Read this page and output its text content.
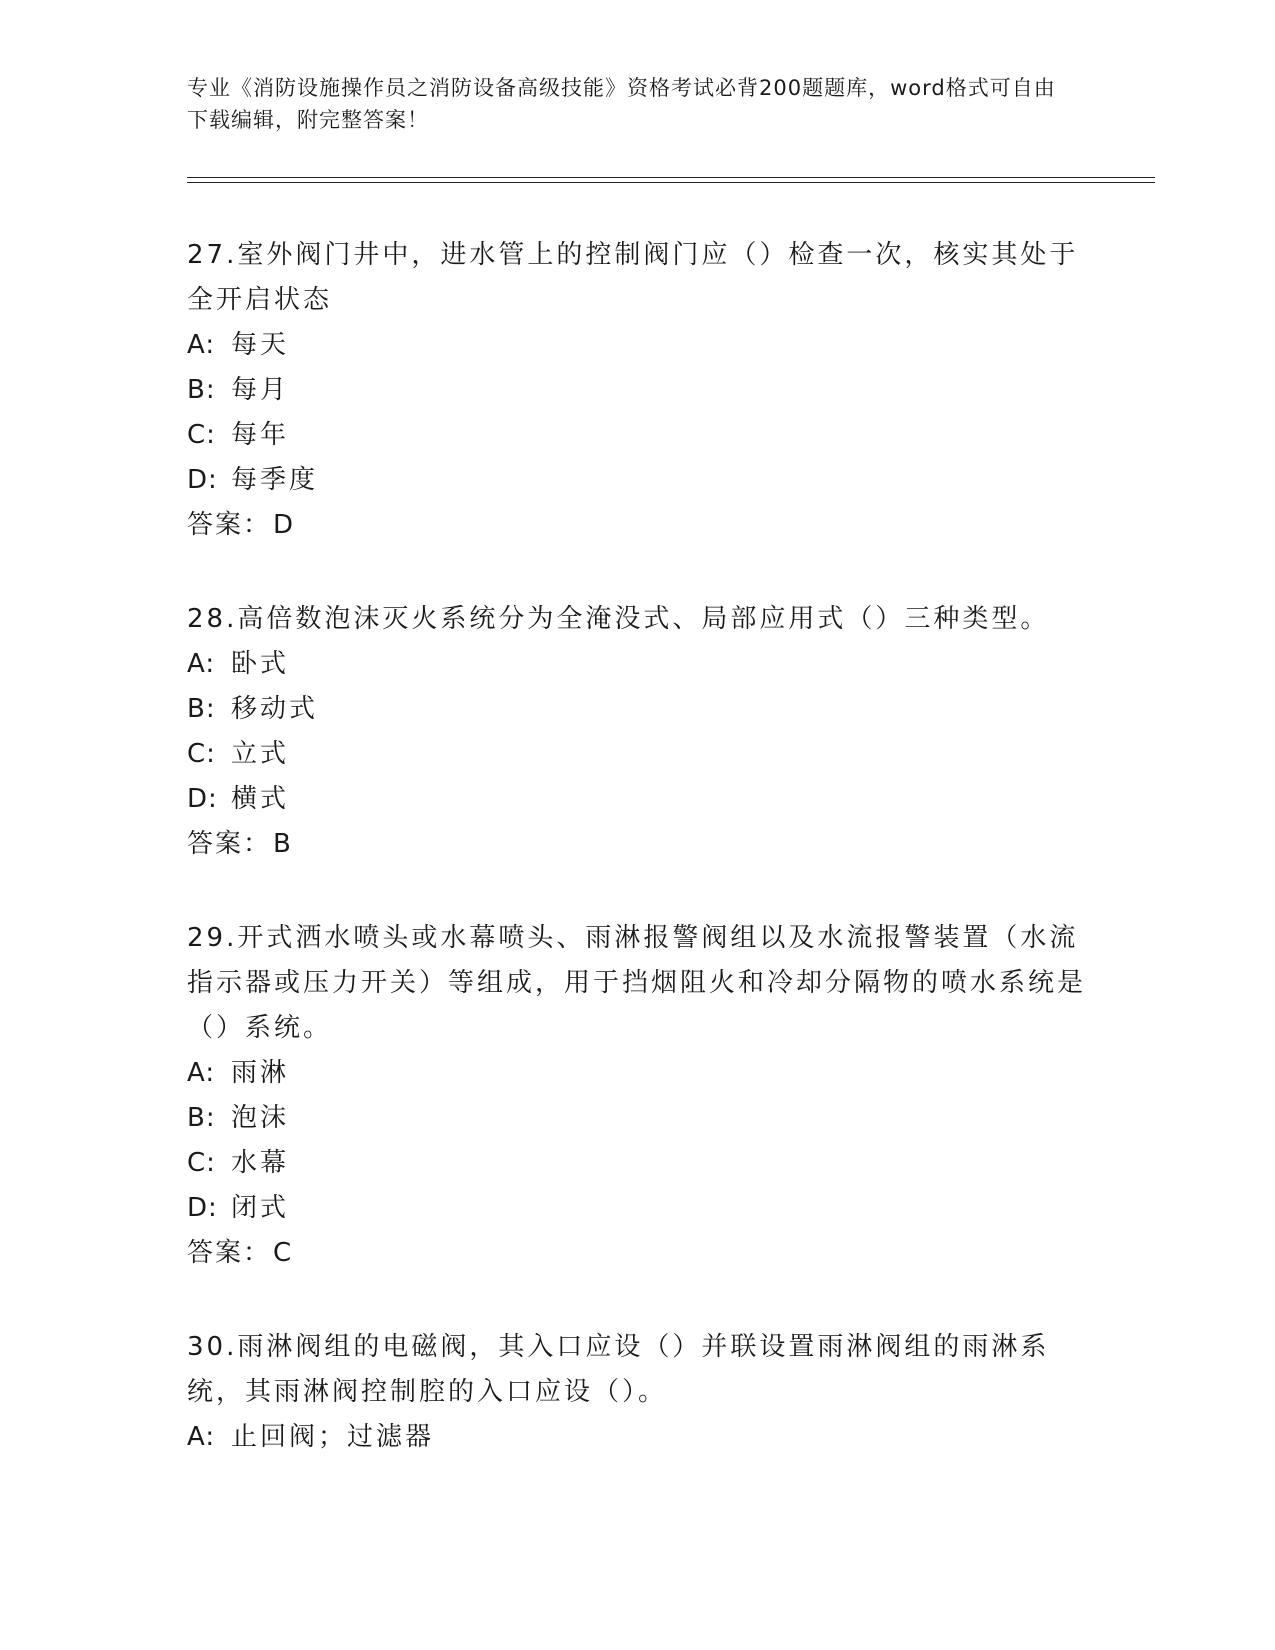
专业《消防设施操作员之消防设备高级技能》资格考试必背200题题库，word格式可自由下载编辑，附完整答案！
27.室外阀门井中，进水管上的控制阀门应（）检查一次，核实其处于全开启状态
A: 每天
B: 每月
C: 每年
D: 每季度
答案：D
28.高倍数泡沫灭火系统分为全淹没式、局部应用式（）三种类型。
A: 卧式
B: 移动式
C: 立式
D: 横式
答案：B
29.开式洒水喷头或水幕喷头、雨淋报警阀组以及水流报警装置（水流指示器或压力开关）等组成，用于挡烟阻火和冷却分隔物的喷水系统是（）系统。
A: 雨淋
B: 泡沫
C: 水幕
D: 闭式
答案：C
30.雨淋阀组的电磁阀，其入口应设（）并联设置雨淋阀组的雨淋系统，其雨淋阀控制腔的入口应设（）。
A: 止回阀；过滤器
